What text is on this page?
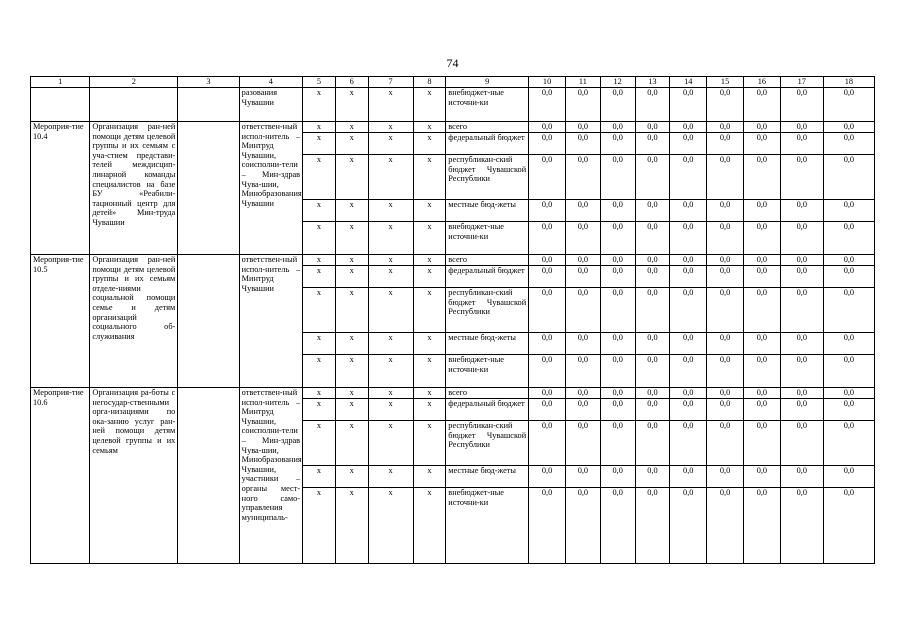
74
1	2	3	4	5	6	7	8	9	10	11	12	13	14	15	16	17	18
			разования Чувашии	x	x	x	x	внебюджет-ные источни-ки	0,0	0,0	0,0	0,0	0,0	0,0	0,0	0,0	0,0
Мероприя-тие 10.4	Организация ран-ней помощи детям целевой группы и их семьям с уча-стием представи-телей междисцип-линарной команды специалистов на базе БУ «Реабили-тационный центр для детей» Мин-труда Чувашии		ответствен-ный испол-нитель – Минтруд Чувашии, соисполни-тели – Мин-здрав Чува-шии, Минобразования Чувашии	x	x	x	x	всего	0,0	0,0	0,0	0,0	0,0	0,0	0,0	0,0	0,0
				x	x	x	x	федеральный бюджет	0,0	0,0	0,0	0,0	0,0	0,0	0,0	0,0	0,0
				x	x	x	x	республикан-ский бюджет Чувашской Республики	0,0	0,0	0,0	0,0	0,0	0,0	0,0	0,0	0,0
				x	x	x	x	местные бюд-жеты	0,0	0,0	0,0	0,0	0,0	0,0	0,0	0,0	0,0
				x	x	x	x	внебюджет-ные источни-ки	0,0	0,0	0,0	0,0	0,0	0,0	0,0	0,0	0,0
Мероприя-тие 10.5	Организация ран-ней помощи детям целевой группы и их семьям отделе-ниями социальной помощи семье и детям организаций социального об-служивания		ответствен-ный испол-нитель – Минтруд Чувашии	x	x	x	x	всего	0,0	0,0	0,0	0,0	0,0	0,0	0,0	0,0	0,0
				x	x	x	x	федеральный бюджет	0,0	0,0	0,0	0,0	0,0	0,0	0,0	0,0	0,0
				x	x	x	x	республикан-ский бюджет Чувашской Республики	0,0	0,0	0,0	0,0	0,0	0,0	0,0	0,0	0,0
				x	x	x	x	местные бюд-жеты	0,0	0,0	0,0	0,0	0,0	0,0	0,0	0,0	0,0
				x	x	x	x	внебюджет-ные источни-ки	0,0	0,0	0,0	0,0	0,0	0,0	0,0	0,0	0,0
Мероприя-тие 10.6	Организация ра-боты с негосудар-ственными орга-низациями по ока-занию услуг ран-ней помощи детям целевой группы и их семьям		ответствен-ный испол-нитель – Минтруд Чувашии, соисполни-тели – Мин-здрав Чува-шии, Минобразования Чувашии, участники – органы мест-ного само-управления муниципаль-	x	x	x	x	всего	0,0	0,0	0,0	0,0	0,0	0,0	0,0	0,0	0,0
				x	x	x	x	федеральный бюджет	0,0	0,0	0,0	0,0	0,0	0,0	0,0	0,0	0,0
				x	x	x	x	республикан-ский бюджет Чувашской Республики	0,0	0,0	0,0	0,0	0,0	0,0	0,0	0,0	0,0
				x	x	x	x	местные бюд-жеты	0,0	0,0	0,0	0,0	0,0	0,0	0,0	0,0	0,0
				x	x	x	x	внебюджет-ные источни-ки	0,0	0,0	0,0	0,0	0,0	0,0	0,0	0,0	0,0
